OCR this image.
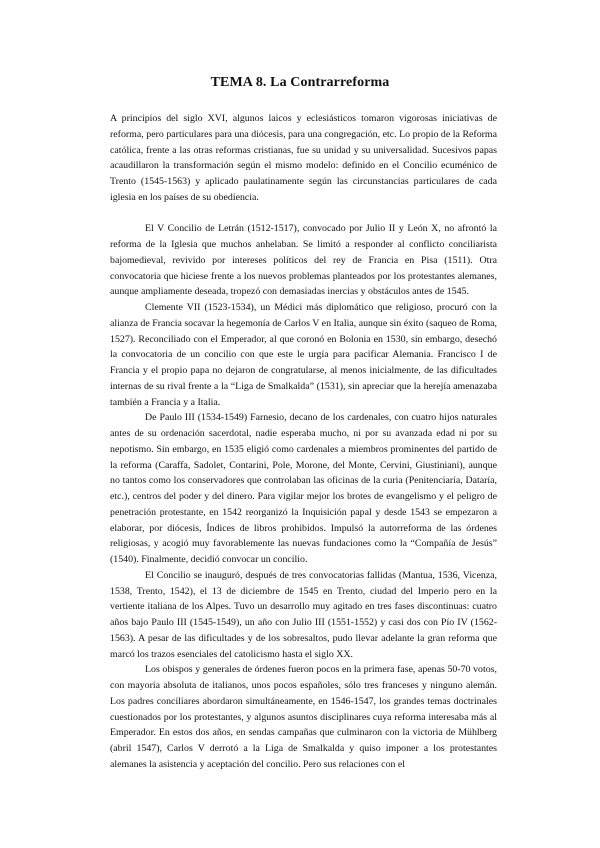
TEMA 8. La Contrarreforma

A principios del siglo XVI, algunos laicos y eclesiásticos tomaron vigorosas iniciativas de reforma, pero particulares para una diócesis, para una congregación, etc. Lo propio de la Reforma católica, frente a las otras reformas cristianas, fue su unidad y su universalidad. Sucesivos papas acaudillaron la transformación según el mismo modelo: definido en el Concilio ecuménico de Trento (1545-1563) y aplicado paulatinamente según las circunstancias particulares de cada iglesia en los países de su obediencia.

El V Concilio de Letrán (1512-1517), convocado por Julio II y León X, no afrontó la reforma de la Iglesia que muchos anhelaban. Se limitó a responder al conflicto conciliarista bajomedieval, revivido por intereses políticos del rey de Francia en Pisa (1511). Otra convocatoria que hiciese frente a los nuevos problemas planteados por los protestantes alemanes, aunque ampliamente deseada, tropezó con demasiadas inercias y obstáculos antes de 1545.

Clemente VII (1523-1534), un Médici más diplomático que religioso, procuró con la alianza de Francia socavar la hegemonía de Carlos V en Italia, aunque sin éxito (saqueo de Roma, 1527). Reconciliado con el Emperador, al que coronó en Bolonia en 1530, sin embargo, desechó la convocatoria de un concilio con que este le urgía para pacificar Alemania. Francisco I de Francia y el propio papa no dejaron de congratularse, al menos inicialmente, de las dificultades internas de su rival frente a la “Liga de Smalkalda” (1531), sin apreciar que la herejía amenazaba también a Francia y a Italia.

De Paulo III (1534-1549) Farnesio, decano de los cardenales, con cuatro hijos naturales antes de su ordenación sacerdotal, nadie esperaba mucho, ni por su avanzada edad ni por su nepotismo. Sin embargo, en 1535 eligió como cardenales a miembros prominentes del partido de la reforma (Caraffa, Sadolet, Contarini, Pole, Morone, del Monte, Cervini, Giustiniani), aunque no tantos como los conservadores que controlaban las oficinas de la curia (Penitenciaría, Dataría, etc.), centros del poder y del dinero. Para vigilar mejor los brotes de evangelismo y el peligro de penetración protestante, en 1542 reorganizó la Inquisición papal y desde 1543 se empezaron a elaborar, por diócesis, Índices de libros prohibidos. Impulsó la autorreforma de las órdenes religiosas, y acogió muy favorablemente las nuevas fundaciones como la “Compañía de Jesús” (1540). Finalmente, decidió convocar un concilio.

El Concilio se inauguró, después de tres convocatorias fallidas (Mantua, 1536, Vicenza, 1538, Trento, 1542), el 13 de diciembre de 1545 en Trento, ciudad del Imperio pero en la vertiente italiana de los Alpes. Tuvo un desarrollo muy agitado en tres fases discontinuas: cuatro años bajo Paulo III (1545-1549), un año con Julio III (1551-1552) y casi dos con Pío IV (1562-1563). A pesar de las dificultades y de los sobresaltos, pudo llevar adelante la gran reforma que marcó los trazos esenciales del catolicismo hasta el siglo XX.

Los obispos y generales de órdenes fueron pocos en la primera fase, apenas 50-70 votos, con mayoría absoluta de italianos, unos pocos españoles, sólo tres franceses y ninguno alemán. Los padres conciliares abordaron simultáneamente, en 1546-1547, los grandes temas doctrinales cuestionados por los protestantes, y algunos asuntos disciplinares cuya reforma interesaba más al Emperador. En estos dos años, en sendas campañas que culminaron con la victoria de Mühlberg (abril 1547), Carlos V derrotó a la Liga de Smalkalda y quiso imponer a los protestantes alemanes la asistencia y aceptación del concilio. Pero sus relaciones con el
